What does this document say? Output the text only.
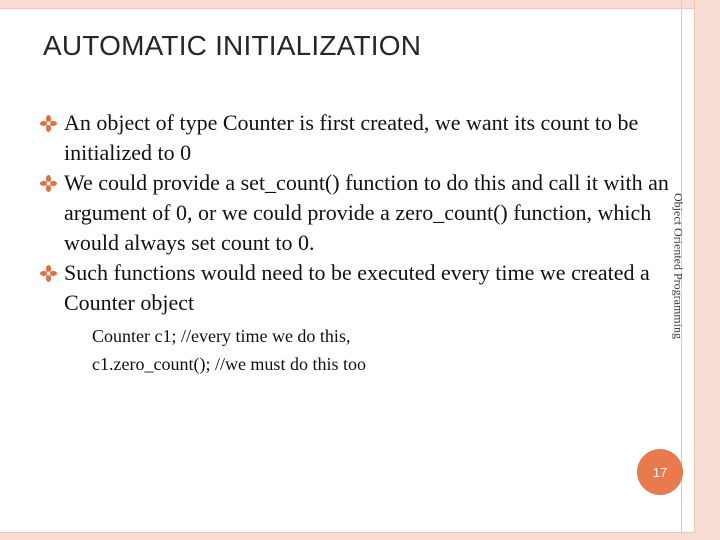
AUTOMATIC INITIALIZATION
An object of type Counter is first created, we want its count to be initialized to 0
We could provide a set_count() function to do this and call it with an argument of 0, or we could provide a zero_count() function, which would always set count to 0.
Such functions would need to be executed every time we created a Counter object
Counter c1; //every time we do this,
c1.zero_count(); //we must do this too
Object Oriented Programming
17
